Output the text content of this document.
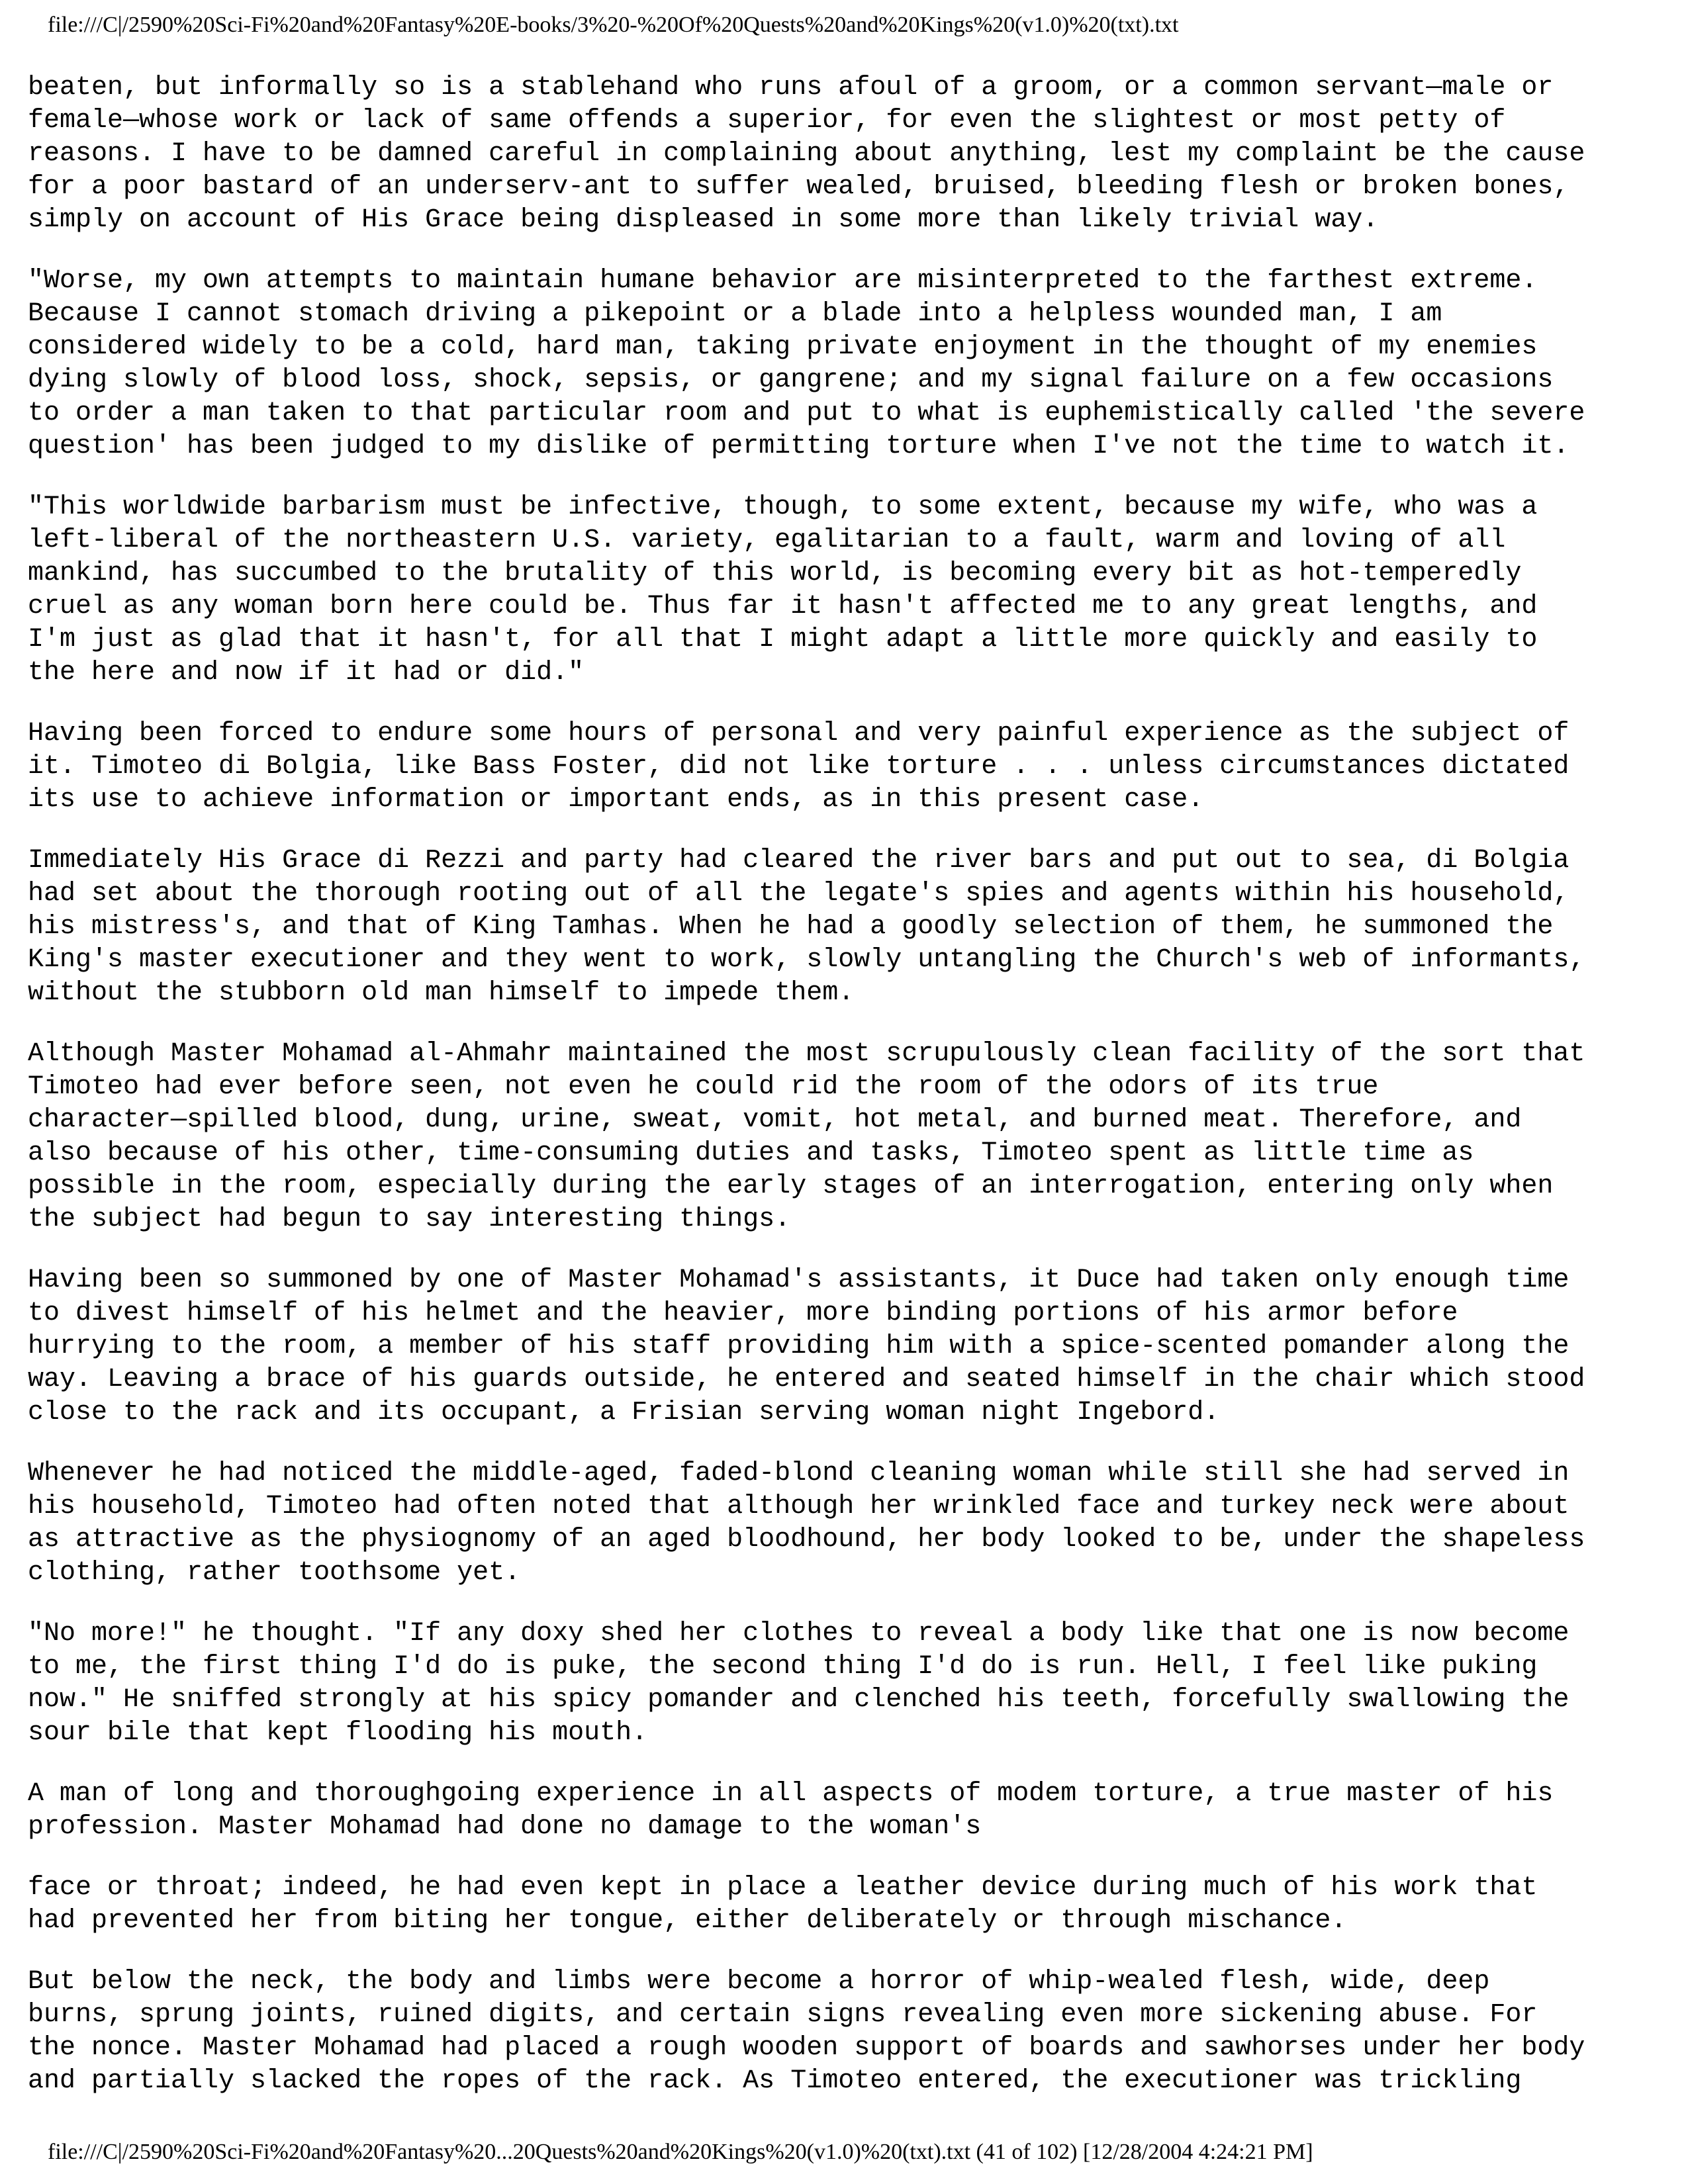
file:///C|/2590%20Sci-Fi%20and%20Fantasy%20E-books/3%20-%20Of%20Quests%20and%20Kings%20(v1.0)%20(txt).txt

beaten, but informally so is a stablehand who runs afoul of a groom, or a common servant—male or
female—whose work or lack of same offends a superior, for even the slightest or most petty of
reasons. I have to be damned careful in complaining about anything, lest my complaint be the cause
for a poor bastard of an underserv-ant to suffer wealed, bruised, bleeding flesh or broken bones,
simply on account of His Grace being displeased in some more than likely trivial way.

"Worse, my own attempts to maintain humane behavior are misinterpreted to the farthest extreme.
Because I cannot stomach driving a pikepoint or a blade into a helpless wounded man, I am
considered widely to be a cold, hard man, taking private enjoyment in the thought of my enemies
dying slowly of blood loss, shock, sepsis, or gangrene; and my signal failure on a few occasions
to order a man taken to that particular room and put to what is euphemistically called 'the severe
question' has been judged to my dislike of permitting torture when I've not the time to watch it.

"This worldwide barbarism must be infective, though, to some extent, because my wife, who was a
left-liberal of the northeastern U.S. variety, egalitarian to a fault, warm and loving of all
mankind, has succumbed to the brutality of this world, is becoming every bit as hot-temperedly
cruel as any woman born here could be. Thus far it hasn't affected me to any great lengths, and
I'm just as glad that it hasn't, for all that I might adapt a little more quickly and easily to
the here and now if it had or did."

Having been forced to endure some hours of personal and very painful experience as the subject of
it. Timoteo di Bolgia, like Bass Foster, did not like torture . . . unless circumstances dictated
its use to achieve information or important ends, as in this present case.

Immediately His Grace di Rezzi and party had cleared the river bars and put out to sea, di Bolgia
had set about the thorough rooting out of all the legate's spies and agents within his household,
his mistress's, and that of King Tamhas. When he had a goodly selection of them, he summoned the
King's master executioner and they went to work, slowly untangling the Church's web of informants,
without the stubborn old man himself to impede them.

Although Master Mohamad al-Ahmahr maintained the most scrupulously clean facility of the sort that
Timoteo had ever before seen, not even he could rid the room of the odors of its true
character—spilled blood, dung, urine, sweat, vomit, hot metal, and burned meat. Therefore, and
also because of his other, time-consuming duties and tasks, Timoteo spent as little time as
possible in the room, especially during the early stages of an interrogation, entering only when
the subject had begun to say interesting things.

Having been so summoned by one of Master Mohamad's assistants, it Duce had taken only enough time
to divest himself of his helmet and the heavier, more binding portions of his armor before
hurrying to the room, a member of his staff providing him with a spice-scented pomander along the
way. Leaving a brace of his guards outside, he entered and seated himself in the chair which stood
close to the rack and its occupant, a Frisian serving woman night Ingebord.

Whenever he had noticed the middle-aged, faded-blond cleaning woman while still she had served in
his household, Timoteo had often noted that although her wrinkled face and turkey neck were about
as attractive as the physiognomy of an aged bloodhound, her body looked to be, under the shapeless
clothing, rather toothsome yet.

"No more!" he thought. "If any doxy shed her clothes to reveal a body like that one is now become
to me, the first thing I'd do is puke, the second thing I'd do is run. Hell, I feel like puking
now." He sniffed strongly at his spicy pomander and clenched his teeth, forcefully swallowing the
sour bile that kept flooding his mouth.

A man of long and thoroughgoing experience in all aspects of modem torture, a true master of his
profession. Master Mohamad had done no damage to the woman's

face or throat; indeed, he had even kept in place a leather device during much of his work that
had prevented her from biting her tongue, either deliberately or through mischance.

But below the neck, the body and limbs were become a horror of whip-wealed flesh, wide, deep
burns, sprung joints, ruined digits, and certain signs revealing even more sickening abuse. For
the nonce. Master Mohamad had placed a rough wooden support of boards and sawhorses under her body
and partially slacked the ropes of the rack. As Timoteo entered, the executioner was trickling

file:///C|/2590%20Sci-Fi%20and%20Fantasy%20...20Quests%20and%20Kings%20(v1.0)%20(txt).txt (41 of 102) [12/28/2004 4:24:21 PM]
